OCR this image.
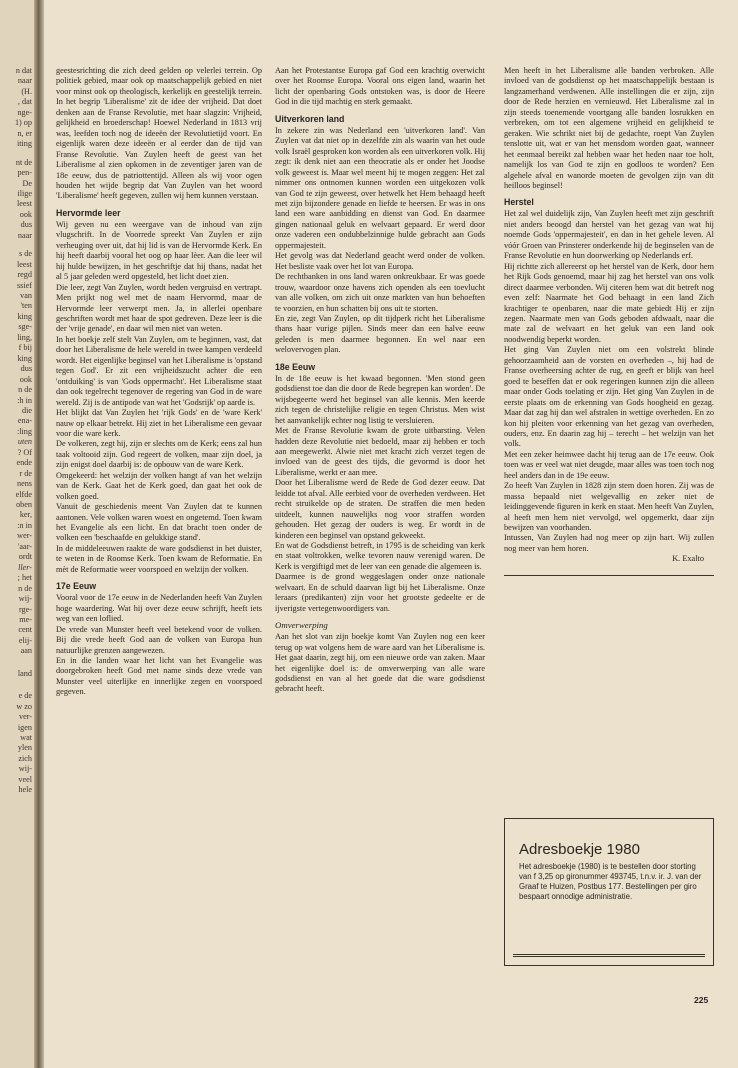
n dat
naar
(H.
, dat
nge-
1) op
n, er
iting
nt de
pen-
De
ilige
leest
ook
dus
naar
s de
leest
regd
ssief
van
'ten
king
sge-
ling,
f bij
king
dus
ook
n de
:h in
die
ena-
:ling
uten
? Of
ende
r de
nens
elfde
oben
ker,
:n in
wer-
'aar-
ordt
ller-
; het
n de
wij-
rge-
me-
cent
elij-
aan
land
e de
w zo
ver-
igen
wat
ylen
zich
wij-
veel
hele

geestesrichting die zich deed gelden op velerlei terrein. Op politiek gebied, maar ook op maatschappelijk gebied en niet voor minst ook op theologisch, kerkelijk en geestelijk terrein. In het begrip 'Liberalisme' zit de idee der vrijheid. Dat doet denken aan de Franse Revolutie, met haar slagzin: Vrijheid, gelijkheid en broederschap! Hoewel Nederland in 1813 vrij was, leefden toch nog de ideeën der Revolutietijd voort. En eigenlijk waren deze ideeën er al eerder dan de tijd van Franse Revolutie. Van Zuylen heeft de geest van het Liberalisme al zien opkomen in de zeventiger jaren van de 18e eeuw, dus de patriottentijd. Alleen als wij voor ogen houden het wijde begrip dat Van Zuylen van het woord 'Liberalisme' heeft gegeven, zullen wij hem kunnen verstaan.

Hervormde leer

Wij geven nu een weergave van de inhoud van zijn vlugschrift. In de Voorrede spreekt Van Zuylen er zijn verheuging over uit, dat hij lid is van de Hervormde Kerk. En hij heeft daarbij vooral het oog op haar lèer. Aan die leer wil hij hulde bewijzen, in het geschriftje dat hij thans, nadat het al 5 jaar geleden werd opgesteld, het licht doet zien.

Die leer, zegt Van Zuylen, wordt heden vergruisd en vertrapt. Men prijkt nog wel met de naam Hervormd, maar de Hervormde leer verwerpt men. Ja, in allerlei openbare geschriften wordt met haar de spot gedreven. Deze leer is die der 'vrije genade', en daar wil men niet van weten.

In het boekje zelf stelt Van Zuylen, om te beginnen, vast, dat door het Liberalisme de hele wereld in twee kampen verdeeld wordt. Het eigenlijke beginsel van het Liberalisme is 'opstand tegen God'. Er zit een vrijheidszucht achter die een 'ontduiking' is van 'Gods oppermacht'. Het Liberalisme staat dan ook tegelrecht tegenover de regering van God in de ware wereld. Zij is de antipode van wat het 'Godsrijk' op aarde is.

Het blijkt dat Van Zuylen het 'rijk Gods' en de 'ware Kerk' nauw op elkaar betrekt. Hij ziet in het Liberalisme een gevaar voor die ware kerk.

De volkeren, zegt hij, zijn er slechts om de Kerk; eens zal hun taak voltooid zijn. God regeert de volken, maar zijn doel, ja zijn enigst doel daarbij is: de opbouw van de ware Kerk.

Omgekeerd: het welzijn der volken hangt af van het welzijn van de Kerk. Gaat het de Kerk goed, dan gaat het ook de volken goed.

Vanuit de geschiedenis meent Van Zuylen dat te kunnen aantonen. Vele volken waren woest en ongetemd. Toen kwam het Evangelie als een licht. En dat bracht toen onder de volken een 'beschaafde en gelukkige stand'.

In de middeleeuwen raakte de ware godsdienst in het duister, te weten in de Roomse Kerk. Toen kwam de Reformatie. En mèt de Reformatie weer voorspoed en welzijn der volken.

17e Eeuw

Vooral voor de 17e eeuw in de Nederlanden heeft Van Zuylen hoge waardering. Wat hij over deze eeuw schrijft, heeft iets weg van een loflied.

De vrede van Munster heeft veel betekend voor de volken. Bij die vrede heeft God aan de volken van Europa hun natuurlijke grenzen aangewezen.

En in die landen waar het licht van het Evangelie was doorgebroken heeft God met name sinds deze vrede van Munster veel uiterlijke en innerlijke zegen en voorspoed gegeven.

Aan het Protestantse Europa gaf God een krachtig overwicht over het Roomse Europa. Vooral ons eigen land, waarin het licht der openbaring Gods ontstoken was, is door de Heere God in die tijd machtig en sterk gemaakt.

Uitverkoren land

In zekere zin was Nederland een 'uitverkoren land'. Van Zuylen vat dat niet op in dezelfde zin als waarin van het oude volk Israël gesproken kon worden als een uitverkoren volk. Hij zegt: ik denk niet aan een theocratie als er onder het Joodse volk geweest is. Maar wel meent hij te mogen zeggen: Het zal nimmer ons ontnomen kunnen worden een uitgekozen volk van God te zijn geweest, over hetwelk het Hem behaagd heeft met zijn bijzondere genade en liefde te heersen. Er was in ons land een ware aanbidding en dienst van God. En daarmee gingen nationaal geluk en welvaart gepaard. Er werd door onze vaderen een ondubbelzinnige hulde gebracht aan Gods oppermajesteit.

Het gevolg was dat Nederland geacht werd onder de volken. Het besliste vaak over het lot van Europa.

De rechtbanken in ons land waren onkreukbaar. Er was goede trouw, waardoor onze havens zich openden als een toevlucht van alle volken, om zich uit onze markten van hun behoeften te voorzien, en hun schatten bij ons uit te storten.

En zie, zegt Van Zuylen, op dit tijdperk richt het Liberalisme thans haar vurige pijlen. Sinds meer dan een halve eeuw geleden is men daarmee begonnen. En wel naar een welovervogen plan.

18e Eeuw

In de 18e eeuw is het kwaad begonnen. 'Men stond geen godsdienst toe dan die door de Rede begrepen kan worden'. De wijsbegeerte werd het beginsel van alle kennis. Men keerde zich tegen de christelijke religie en tegen Christus. Men wist het aanvankelijk echter nog listig te versluieren.

Met de Franse Revolutie kwam de grote uitbarsting. Velen hadden deze Revolutie niet bedoeld, maar zij hebben er toch aan meegewerkt. Alwie niet met kracht zich verzet tegen de invloed van de geest des tijds, die gevormd is door het Liberalisme, werkt er aan mee.

Door het Liberalisme werd de Rede de God dezer eeuw. Dat leidde tot afval. Alle eerbied voor de overheden verdween. Het recht struikelde op de straten. De straffen die men heden uitdeelt, kunnen nauwelijks nog voor straffen worden gehouden. Het gezag der ouders is weg. Er wordt in de kinderen een beginsel van opstand gekweekt.

En wat de Godsdienst betreft, in 1795 is de scheiding van kerk en staat voltrokken, welke tevoren nauw verenigd waren. De Kerk is vergiftigd met de leer van een genade die algemeen is.

Daarmee is de grond weggeslagen onder onze nationale welvaart. En de schuld daarvan ligt bij het Liberalisme. Onze leraars (predikanten) zijn voor het grootste gedeelte er de ijverigste vertegenwoordigers van.

Omverwerping

Aan het slot van zijn boekje komt Van Zuylen nog een keer terug op wat volgens hem de ware aard van het Liberalisme is. Het gaat daarin, zegt hij, om een nieuwe orde van zaken. Maar het eigenlijke doel is: de omverwerping van alle ware godsdienst en van al het goede dat die ware godsdienst gebracht heeft.

Men heeft in het Liberalisme alle banden verbroken. Alle invloed van de godsdienst op het maatschappelijk bestaan is langzamerhand verdwenen. Alle instellingen die er zijn, zijn door de Rede herzien en vernieuwd. Het Liberalisme zal in zijn steeds toenemende voortgang alle banden losrukken en verbreken, om tot een algemene vrijheid en gelijkheid te geraken. Wie schrikt niet bij de gedachte, roept Van Zuylen tenslotte uit, wat er van het mensdom worden gaat, wanneer het eenmaal bereikt zal hebben waar het heden naar toe holt, namelijk los van God te zijn en godloos te worden? Een algehele afval en wanorde moeten de gevolgen zijn van dit heilloos beginsel!

Herstel

Het zal wel duidelijk zijn, Van Zuylen heeft met zijn geschrift niet anders beoogd dan herstel van het gezag van wat hij noemde Gods 'oppermajesteit', en dan in het gehele leven. Al vóór Groen van Prinsterer onderkende hij de beginselen van de Franse Revolutie en hun doorwerking op Nederlands erf.

Hij richtte zich allereerst op het herstel van de Kerk, door hem het Rijk Gods genoemd, maar hij zag het herstel van ons volk direct daarmee verbonden. Wij citeren hem wat dit betreft nog even zelf: Naarmate het God behaagt in een land Zich krachtiger te openbaren, naar die mate gebiedt Hij er zijn zegen. Naarmate men van Gods geboden afdwaalt, naar die mate zal de welvaart en het geluk van een land ook noodwendig beperkt worden.

Het ging Van Zuylen niet om een volstrekt blinde gehoorzaamheid aan de vorsten en overheden –, hij had de Franse overheersing achter de rug, en geeft er blijk van heel goed te beseffen dat er ook regeringen kunnen zijn die alleen maar onder Gods toelating er zijn. Het ging Van Zuylen in de eerste plaats om de erkenning van Gods hoogheid en gezag. Maar dat zag hij dan wel afstralen in wettige overheden. En zo kon hij pleiten voor erkenning van het gezag van overheden, ouders, enz. En daarin zag hij – terecht – het welzijn van het volk.

Met een zeker heimwee dacht hij terug aan de 17e eeuw. Ook toen was er veel wat niet deugde, maar alles was toen toch nog heel anders dan in de 19e eeuw.

Zo heeft Van Zuylen in 1828 zijn stem doen horen. Zij was de massa bepaald niet welgevallig en zeker niet de leidinggevende figuren in kerk en staat. Men heeft Van Zuylen, al heeft men hem niet vervolgd, wel opgemerkt, daar zijn bewijzen van voorhanden.

Intussen, Van Zuylen had nog meer op zijn hart. Wij zullen nog meer van hem horen.

K. Exalto

Adresboekje 1980

Het adresboekje (1980) is te bestellen door storting van f 3,25 op gironummer 493745, t.n.v. ir. J. van der Graaf te Huizen, Postbus 177. Bestellingen per giro bespaart onnodige administratie.

225
